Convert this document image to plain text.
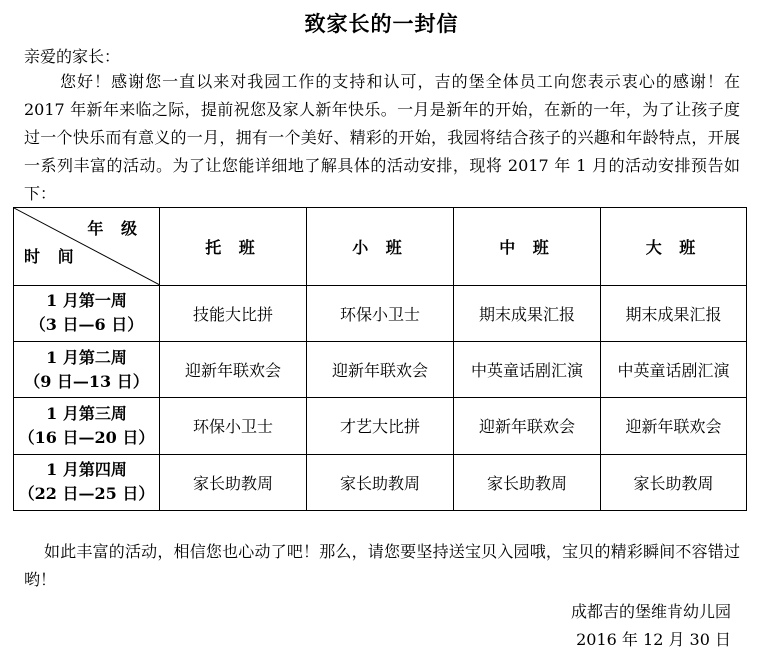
致家长的一封信
亲爱的家长：
您好！感谢您一直以来对我园工作的支持和认可，吉的堡全体员工向您表示衷心的感谢！在 2017 年新年来临之际，提前祝您及家人新年快乐。一月是新年的开始，在新的一年，为了让孩子度过一个快乐而有意义的一月，拥有一个美好、精彩的开始，我园将结合孩子的兴趣和年龄特点，开展一系列丰富的活动。为了让您能详细地了解具体的活动安排，现将 2017 年 1 月的活动安排预告如下：
年 级
时 间	托 班	小 班	中 班	大 班

1 月第一周
（3 日—6 日）	技能大比拼	环保小卫士	期末成果汇报	期末成果汇报

1 月第二周
（9 日—13 日）	迎新年联欢会	迎新年联欢会	中英童话剧汇演	中英童话剧汇演

1 月第三周
（16 日—20 日）	环保小卫士	才艺大比拼	迎新年联欢会	迎新年联欢会

1 月第四周
（22 日—25 日）	家长助教周	家长助教周	家长助教周	家长助教周
如此丰富的活动，相信您也心动了吧！那么，请您要坚持送宝贝入园哦，宝贝的精彩瞬间不容错过哟！
成都吉的堡维肯幼儿园
2016 年 12 月 30 日
